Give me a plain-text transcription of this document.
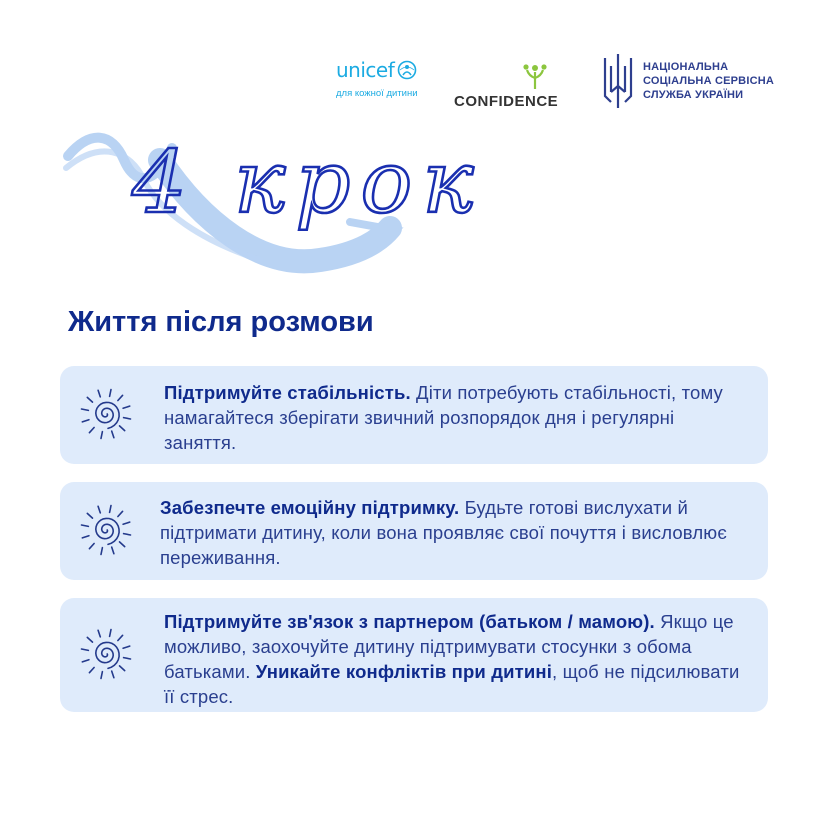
unicef
для кожної дитини	CONFIDENCE
НАЦІОНАЛЬНА
СОЦІАЛЬНА СЕРВІСНА
СЛУЖБА УКРАЇНИ
4 крок
Життя після розмови
Підтримуйте стабільність. Діти потребують стабільності, тому намагайтеся зберігати звичний розпорядок дня і регулярні заняття.
Забезпечте емоційну підтримку. Будьте готові вислухати й підтримати дитину, коли вона проявляє свої почуття і висловлює переживання.
Підтримуйте зв'язок з партнером (батьком / мамою). Якщо це можливо, заохочуйте дитину підтримувати стосунки з обома батьками. Уникайте конфліктів при дитині, щоб не підсилювати її стрес.
